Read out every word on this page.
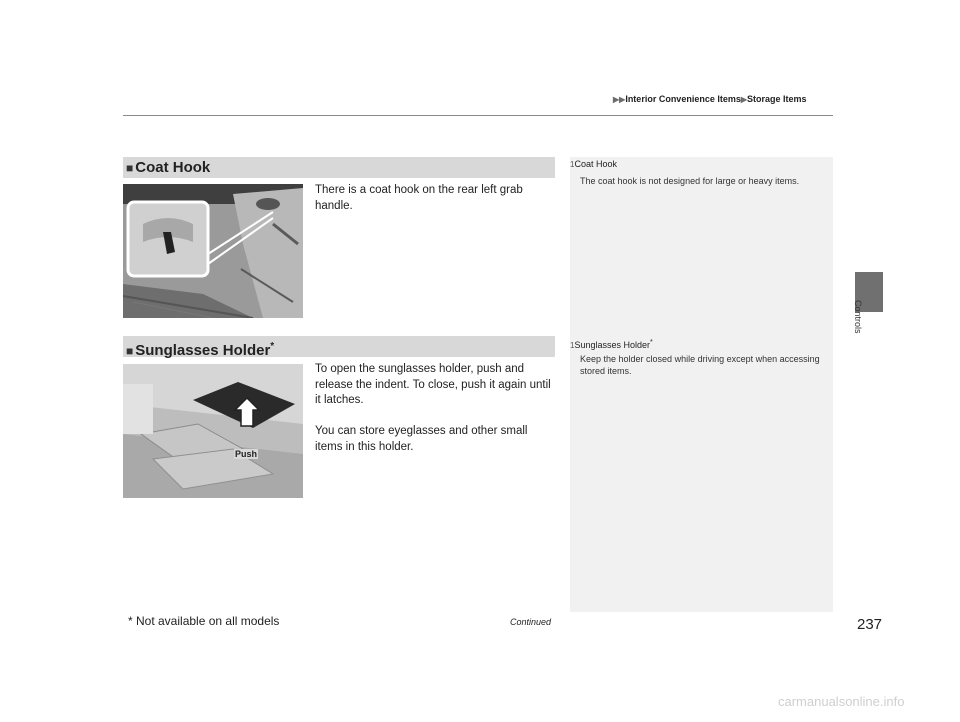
▶▶Interior Convenience Items▶Storage Items
Controls
■ Coat Hook
There is a coat hook on the rear left grab handle.
1Coat Hook
The coat hook is not designed for large or heavy items.
■ Sunglasses Holder*
Push
To open the sunglasses holder, push and release the indent. To close, push it again until it latches.
You can store eyeglasses and other small items in this holder.
1Sunglasses Holder*
Keep the holder closed while driving except when accessing stored items.
* Not available on all models	Continued	237
carmanualsonline.info
